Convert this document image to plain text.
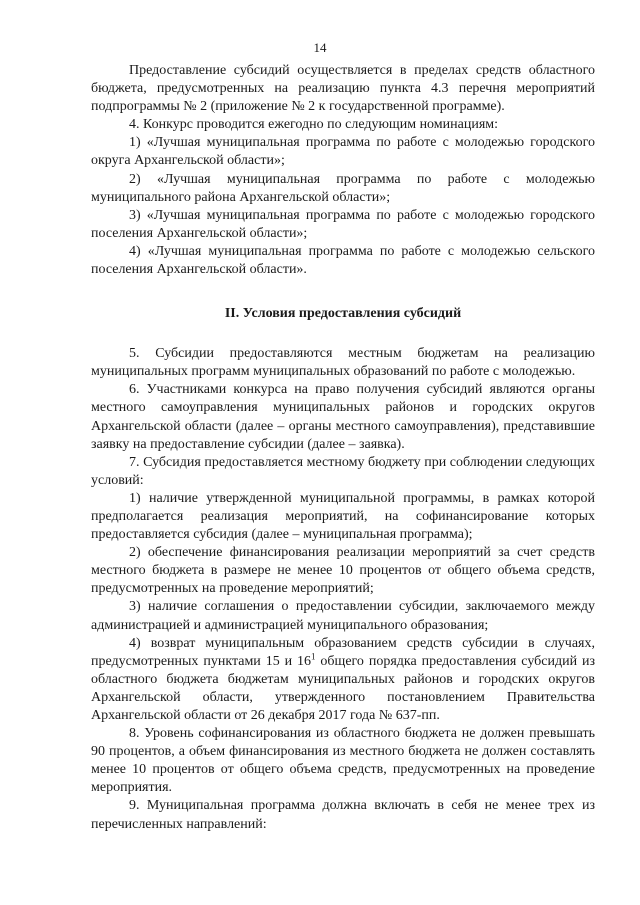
14

Предоставление субсидий осуществляется в пределах средств областного бюджета, предусмотренных на реализацию пункта 4.3 перечня мероприятий подпрограммы № 2 (приложение № 2 к государственной программе).

4. Конкурс проводится ежегодно по следующим номинациям:

1) «Лучшая муниципальная программа по работе с молодежью городского округа Архангельской области»;

2) «Лучшая муниципальная программа по работе с молодежью муниципального района Архангельской области»;

3) «Лучшая муниципальная программа по работе с молодежью городского поселения Архангельской области»;

4) «Лучшая муниципальная программа по работе с молодежью сельского поселения Архангельской области».

II. Условия предоставления субсидий

5. Субсидии предоставляются местным бюджетам на реализацию муниципальных программ муниципальных образований по работе с молодежью.

6. Участниками конкурса на право получения субсидий являются органы местного самоуправления муниципальных районов и городских округов Архангельской области (далее – органы местного самоуправления), представившие заявку на предоставление субсидии (далее – заявка).

7. Субсидия предоставляется местному бюджету при соблюдении следующих условий:

1) наличие утвержденной муниципальной программы, в рамках которой предполагается реализация мероприятий, на софинансирование которых предоставляется субсидия (далее – муниципальная программа);

2) обеспечение финансирования реализации мероприятий за счет средств местного бюджета в размере не менее 10 процентов от общего объема средств, предусмотренных на проведение мероприятий;

3) наличие соглашения о предоставлении субсидии, заключаемого между администрацией и администрацией муниципального образования;

4) возврат муниципальным образованием средств субсидии в случаях, предусмотренных пунктами 15 и $16^1$ общего порядка предоставления субсидий из областного бюджета бюджетам муниципальных районов и городских округов Архангельской области, утвержденного постановлением Правительства Архангельской области от 26 декабря 2017 года № 637-пп.

8. Уровень софинансирования из областного бюджета не должен превышать 90 процентов, а объем финансирования из местного бюджета не должен составлять менее 10 процентов от общего объема средств, предусмотренных на проведение мероприятия.

9. Муниципальная программа должна включать в себя не менее трех из перечисленных направлений:
